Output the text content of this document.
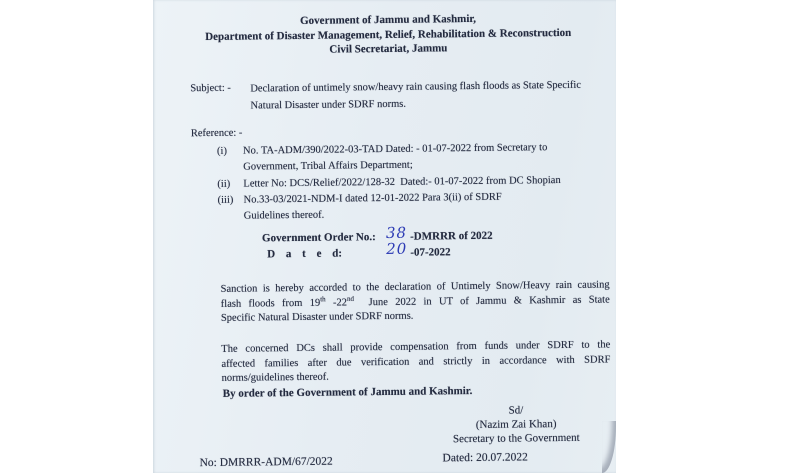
Government of Jammu and Kashmir,
Department of Disaster Management, Relief, Rehabilitation & Reconstruction
Civil Secretariat, Jammu
Subject: - Declaration of untimely snow/heavy rain causing flash floods as State Specific
Natural Disaster under SDRF norms.
Reference: -
(i)	No. TA-ADM/390/2022-03-TAD Dated: - 01-07-2022 from Secretary to
Government, Tribal Affairs Department;
(ii)	Letter No: DCS/Relief/2022/128-32  Dated:- 01-07-2022 from DC Shopian
(iii) No.33-03/2021-NDM-I dated 12-01-2022 Para 3(ii) of SDRF
Guidelines thereof.
Government Order No.: 38 -DMRRR of 2022
D a t e d:	20 -07-2022
Sanction is hereby accorded to the declaration of Untimely Snow/Heavy rain causing
flash floods from 19th -22nd  June 2022 in UT of Jammu & Kashmir as State
Specific Natural Disaster under SDRF norms.
The concerned DCs shall provide compensation from funds under SDRF to the
affected families after due verification and strictly in accordance with SDRF
norms/guidelines thereof.
By order of the Government of Jammu and Kashmir.
Sd/
(Nazim Zai Khan)
Secretary to the Government
No: DMRRR-ADM/67/2022	Dated: 20.07.2022
